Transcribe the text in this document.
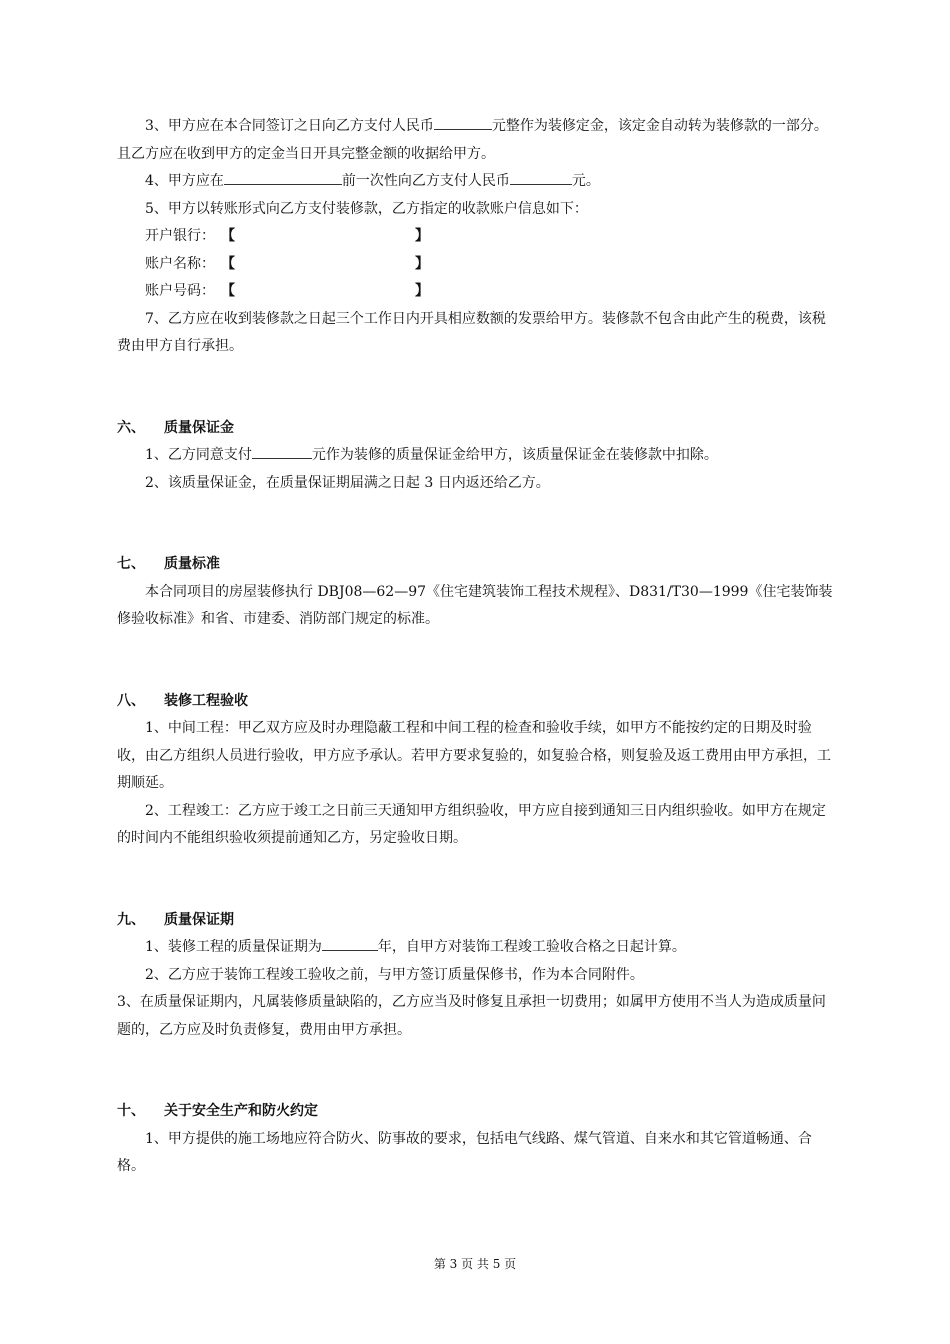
3、甲方应在本合同签订之日向乙方支付人民币	元整作为装修定金，该定金自动转为装修款的一部分。且乙方应在收到甲方的定金当日开具完整金额的收据给甲方。

4、甲方应在	前一次性向乙方支付人民币	元。

5、甲方以转账形式向乙方支付装修款，乙方指定的收款账户信息如下：

开户银行： 【	】

账户名称： 【	】

账户号码： 【	】

7、乙方应在收到装修款之日起三个工作日内开具相应数额的发票给甲方。装修款不包含由此产生的税费，该税费由甲方自行承担。

六、 质量保证金

1、乙方同意支付	元作为装修的质量保证金给甲方，该质量保证金在装修款中扣除。

2、该质量保证金，在质量保证期届满之日起 3 日内返还给乙方。

七、 质量标准

本合同项目的房屋装修执行 DBJ08—62—97《住宅建筑装饰工程技术规程》、D831/T30—1999《住宅装饰装修验收标准》和省、市建委、消防部门规定的标准。

八、 装修工程验收

1、中间工程：甲乙双方应及时办理隐蔽工程和中间工程的检查和验收手续，如甲方不能按约定的日期及时验收，由乙方组织人员进行验收，甲方应予承认。若甲方要求复验的，如复验合格，则复验及返工费用由甲方承担，工期顺延。

2、工程竣工：乙方应于竣工之日前三天通知甲方组织验收，甲方应自接到通知三日内组织验收。如甲方在规定的时间内不能组织验收须提前通知乙方，另定验收日期。

九、 质量保证期

1、装修工程的质量保证期为	年，自甲方对装饰工程竣工验收合格之日起计算。

2、乙方应于装饰工程竣工验收之前，与甲方签订质量保修书，作为本合同附件。

3、在质量保证期内，凡属装修质量缺陷的，乙方应当及时修复且承担一切费用；如属甲方使用不当人为造成质量问题的，乙方应及时负责修复，费用由甲方承担。

十、 关于安全生产和防火约定

1、甲方提供的施工场地应符合防火、防事故的要求，包括电气线路、煤气管道、自来水和其它管道畅通、合格。

第 3 页 共 5 页
